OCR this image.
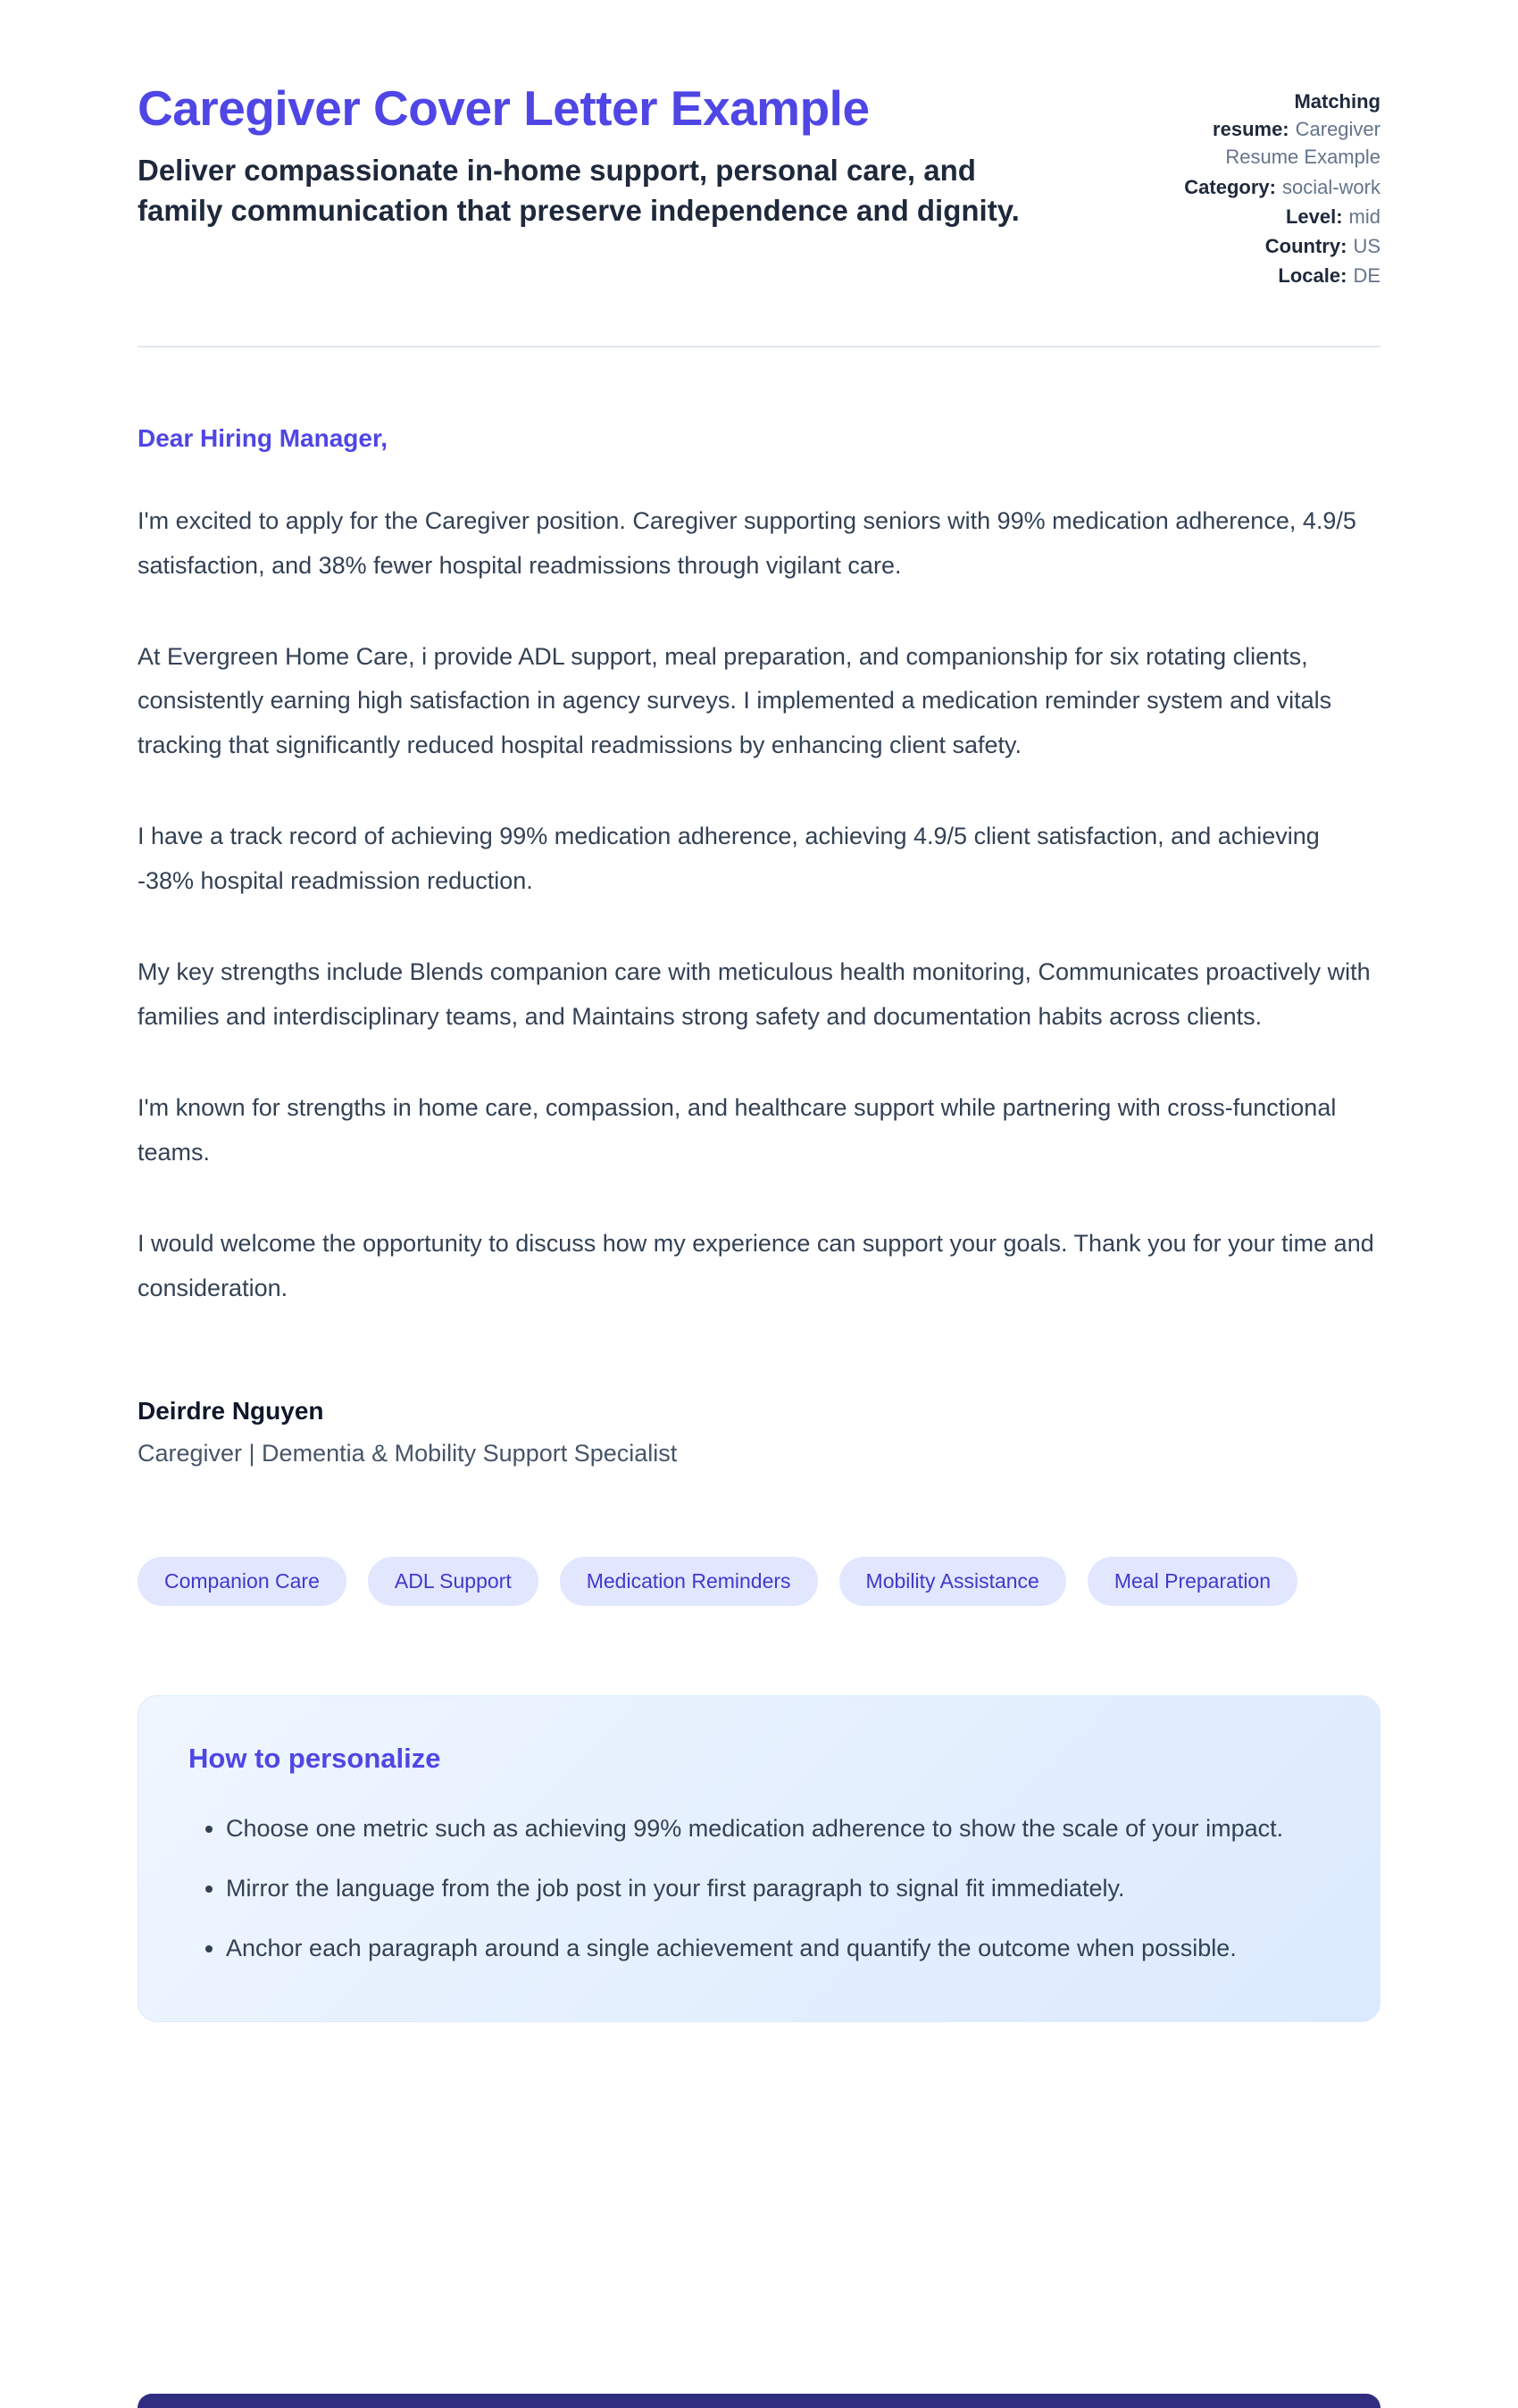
Caregiver Cover Letter Example

Deliver compassionate in-home support, personal care, and family communication that preserve independence and dignity.

Matching resume: Caregiver Resume Example
Category: social-work
Level: mid
Country: US
Locale: DE

Dear Hiring Manager,

I'm excited to apply for the Caregiver position. Caregiver supporting seniors with 99% medication adherence, 4.9/5 satisfaction, and 38% fewer hospital readmissions through vigilant care.

At Evergreen Home Care, i provide ADL support, meal preparation, and companionship for six rotating clients, consistently earning high satisfaction in agency surveys. I implemented a medication reminder system and vitals tracking that significantly reduced hospital readmissions by enhancing client safety.

I have a track record of achieving 99% medication adherence, achieving 4.9/5 client satisfaction, and achieving -38% hospital readmission reduction.

My key strengths include Blends companion care with meticulous health monitoring, Communicates proactively with families and interdisciplinary teams, and Maintains strong safety and documentation habits across clients.

I'm known for strengths in home care, compassion, and healthcare support while partnering with cross-functional teams.

I would welcome the opportunity to discuss how my experience can support your goals. Thank you for your time and consideration.

Deirdre Nguyen

Caregiver | Dementia & Mobility Support Specialist

Companion Care	ADL Support	Medication Reminders	Mobility Assistance	Meal Preparation
How to personalize
• Choose one metric such as achieving 99% medication adherence to show the scale of your impact.
• Mirror the language from the job post in your first paragraph to signal fit immediately.
• Anchor each paragraph around a single achievement and quantify the outcome when possible.
